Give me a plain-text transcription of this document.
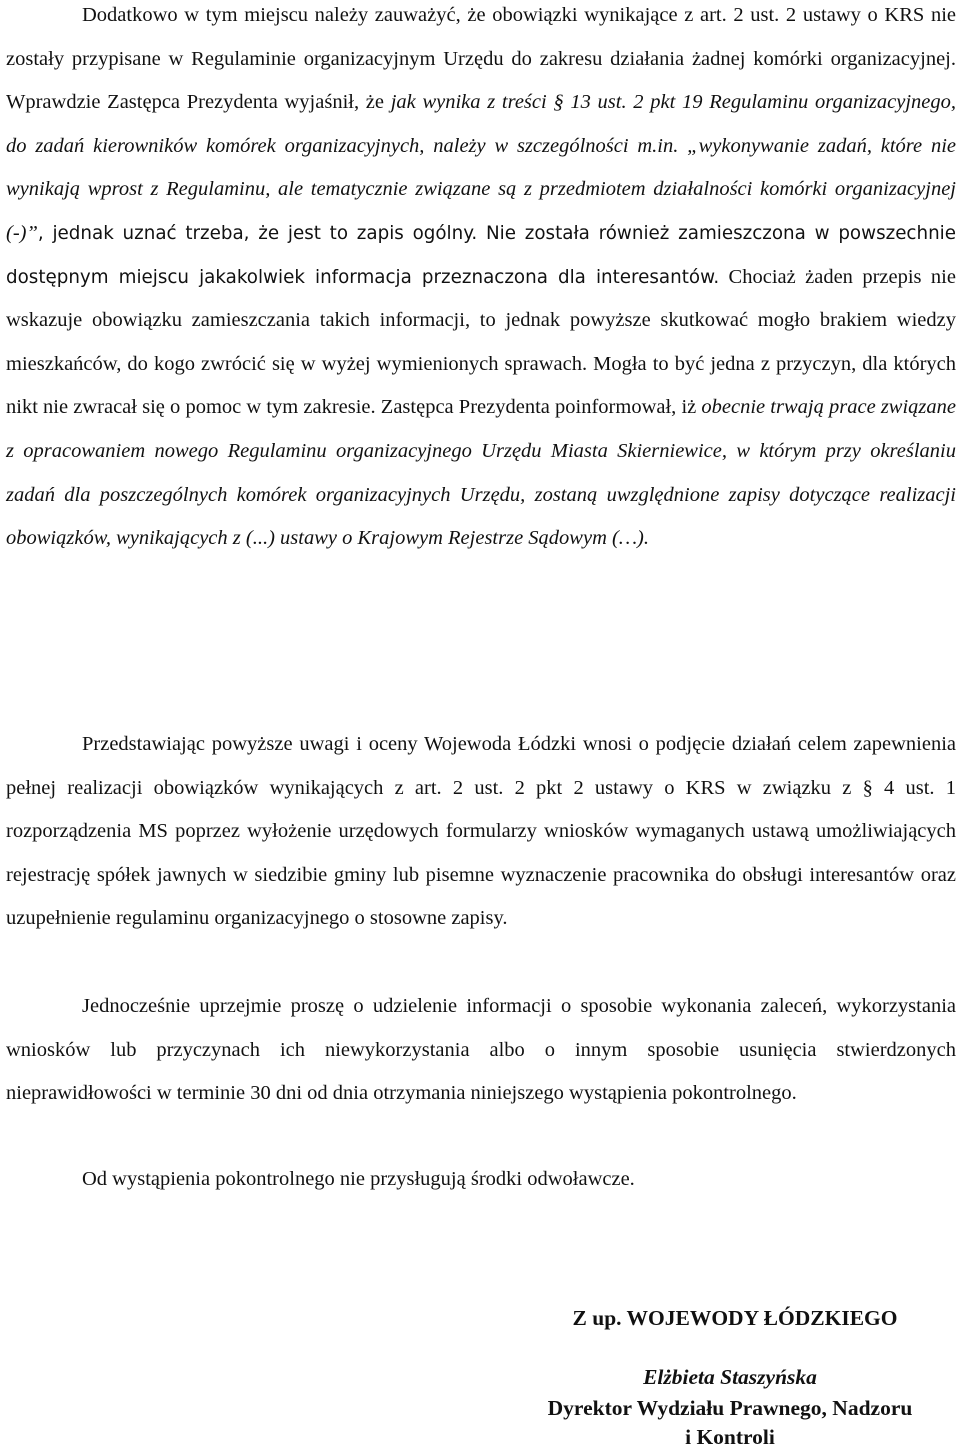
Dodatkowo w tym miejscu należy zauważyć, że obowiązki wynikające z art. 2 ust. 2 ustawy o KRS nie zostały przypisane w Regulaminie organizacyjnym Urzędu do zakresu działania żadnej komórki organizacyjnej. Wprawdzie Zastępca Prezydenta wyjaśnił, że jak wynika z treści § 13 ust. 2 pkt 19 Regulaminu organizacyjnego, do zadań kierowników komórek organizacyjnych, należy w szczególności m.in. „wykonywanie zadań, które nie wynikają wprost z Regulaminu, ale tematycznie związane są z przedmiotem działalności komórki organizacyjnej (-)”, jednak uznać trzeba, że jest to zapis ogólny. Nie została również zamieszczona w powszechnie dostępnym miejscu jakakolwiek informacja przeznaczona dla interesantów. Chociaż żaden przepis nie wskazuje obowiązku zamieszczania takich informacji, to jednak powyższe skutkować mogło brakiem wiedzy mieszkańców, do kogo zwrócić się w wyżej wymienionych sprawach. Mogła to być jedna z przyczyn, dla których nikt nie zwracał się o pomoc w tym zakresie. Zastępca Prezydenta poinformował, iż obecnie trwają prace związane z opracowaniem nowego Regulaminu organizacyjnego Urzędu Miasta Skierniewice, w którym przy określaniu zadań dla poszczególnych komórek organizacyjnych Urzędu, zostaną uwzględnione zapisy dotyczące realizacji obowiązków, wynikających z (...) ustawy o Krajowym Rejestrze Sądowym (…).

Przedstawiając powyższe uwagi i oceny Wojewoda Łódzki wnosi o podjęcie działań celem zapewnienia pełnej realizacji obowiązków wynikających z art. 2 ust. 2 pkt 2 ustawy o KRS w związku z § 4 ust. 1 rozporządzenia MS poprzez wyłożenie urzędowych formularzy wniosków wymaganych ustawą umożliwiających rejestrację spółek jawnych w siedzibie gminy lub pisemne wyznaczenie pracownika do obsługi interesantów oraz uzupełnienie regulaminu organizacyjnego o stosowne zapisy.

Jednocześnie uprzejmie proszę o udzielenie informacji o sposobie wykonania zaleceń, wykorzystania wniosków lub przyczynach ich niewykorzystania albo o innym sposobie usunięcia stwierdzonych nieprawidłowości w terminie 30 dni od dnia otrzymania niniejszego wystąpienia pokontrolnego.

Od wystąpienia pokontrolnego nie przysługują środki odwoławcze.

Z up. WOJEWODY ŁÓDZKIEGO
Elżbieta Staszyńska
Dyrektor Wydziału Prawnego, Nadzoru
i Kontroli
